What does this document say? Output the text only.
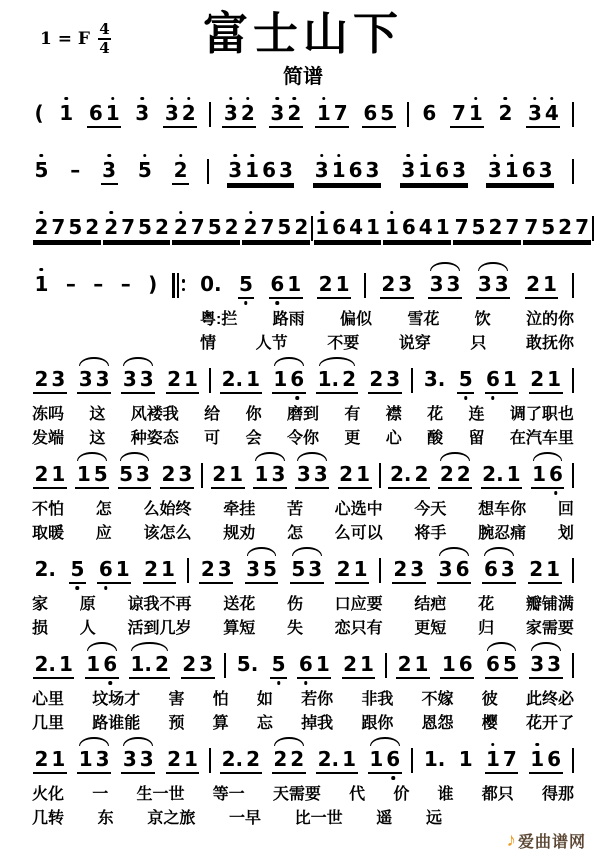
1 = F 4
4	富士山下
简谱
( 1 6 1 3 3 2 3 2 3 2 1 7 6 5 6 7 1 2 3 4
5 – 3 5 2 3 1 6 3 3 1 6 3 3 1 6 3 3 1 6 3
2 7 5 2 2 7 5 2 2 7 5 2 2 7 5 2 1 6 4 1 1 6 4 1 7 5 2 7 7 5 2 7
1 – – – ) 0. 5 6 1 2 1 2 3 3 3 3 3 2 1
粤:拦 路雨 偏似 雪花 饮 泣的你
情 人节 不要 说穿 只 敢抚你
2 3 3 3 3 3 2 1 2. 1 1 6 1. 2 2 3 3. 5 6 1 2 1
冻吗 这 风褛我 给 你 磨到 有 襟 花 连 调了职也
发端 这 种姿态 可 会 令你 更 心 酸 留 在汽车里
2 1 1 5 5 3 2 3 2 1 1 3 3 3 2 1 2. 2 2 2 2. 1 1 6
不怕 怎 么始终 牵挂 苦 心选中 今天 想车你 回
取暖 应 该怎么 规劝 怎 么可以 将手 腕忍痛 划
2. 5 6 1 2 1 2 3 3 5 5 3 2 1 2 3 3 6 6 3 2 1
家 原 谅我不再 送花 伤 口应要 结疤 花 瓣铺满
损 人 活到几岁 算短 失 恋只有 更短 归 家需要
2. 1 1 6 1. 2 2 3 5. 5 6 1 2 1 2 1 1 6 6 5 3 3
心里 坟场才 害 怕 如 若你 非我 不嫁 彼 此终必
几里 路谁能 预 算 忘 掉我 跟你 恩怨 樱 花开了
2 1 1 3 3 3 2 1 2. 2 2 2 2. 1 1 6 1. 1 1 7 1 6
火化 一 生一世 等一 天需要 代 价 谁 都只 得那
几转 东 京之旅 一早 比一世 遥 远
♪ 爱曲谱网
